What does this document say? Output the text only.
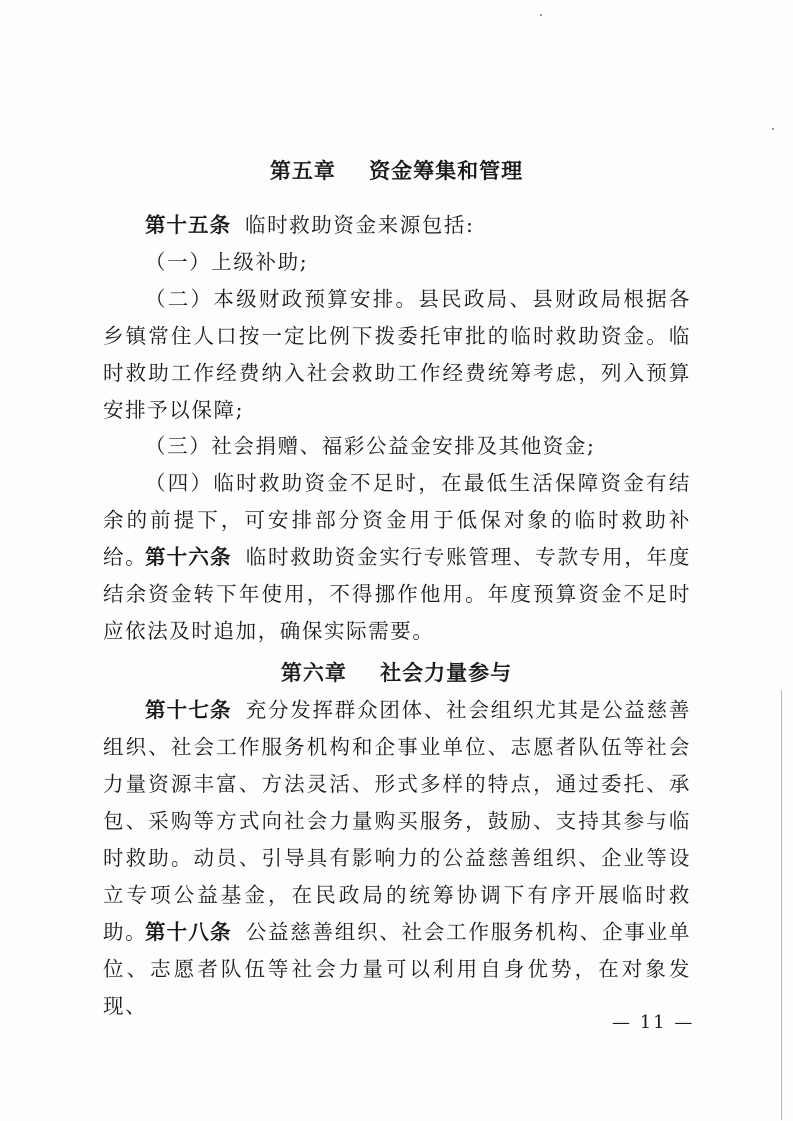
第五章    资金筹集和管理

第十五条 临时救助资金来源包括:

（一）上级补助;

（二）本级财政预算安排。县民政局、县财政局根据各乡镇常住人口按一定比例下拨委托审批的临时救助资金。临时救助工作经费纳入社会救助工作经费统筹考虑，列入预算安排予以保障;

（三）社会捐赠、福彩公益金安排及其他资金;

（四）临时救助资金不足时，在最低生活保障资金有结余的前提下，可安排部分资金用于低保对象的临时救助补给。

第十六条 临时救助资金实行专账管理、专款专用，年度结余资金转下年使用，不得挪作他用。年度预算资金不足时应依法及时追加，确保实际需要。

第六章    社会力量参与

第十七条 充分发挥群众团体、社会组织尤其是公益慈善组织、社会工作服务机构和企事业单位、志愿者队伍等社会力量资源丰富、方法灵活、形式多样的特点，通过委托、承包、采购等方式向社会力量购买服务，鼓励、支持其参与临时救助。动员、引导具有影响力的公益慈善组织、企业等设立专项公益基金，在民政局的统筹协调下有序开展临时救助。

第十八条 公益慈善组织、社会工作服务机构、企事业单位、志愿者队伍等社会力量可以利用自身优势，在对象发现、

— 11 —
